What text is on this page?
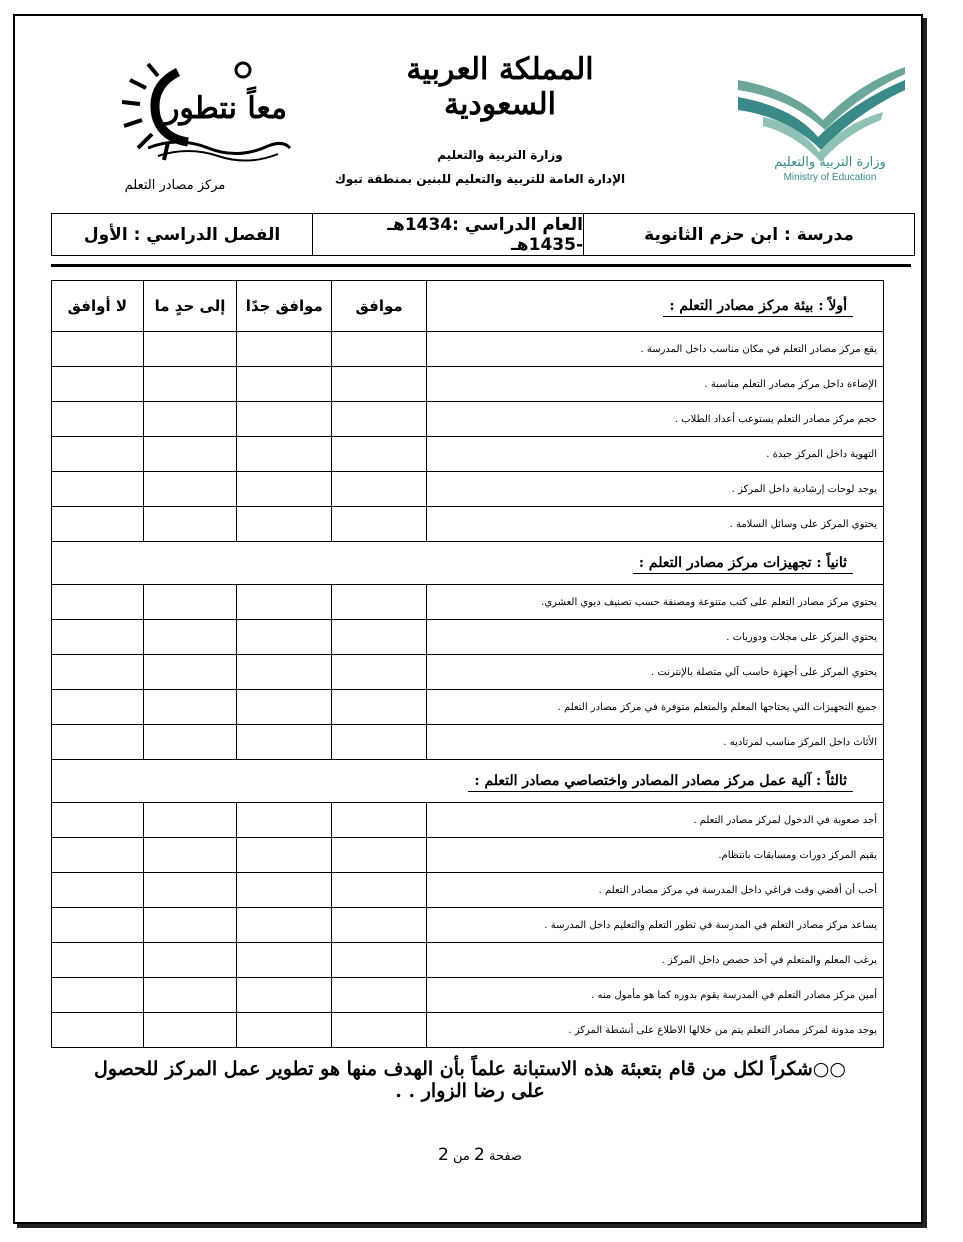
المملكة العربية السعودية
وزارة التربية والتعليم
الإدارة العامة للتربية والتعليم للبنين بمنطقة تبوك
مركز مصادر التعلم
وزارة التربية والتعليم
Ministry of Education
معاً نتطور
مدرسة : ابن حزم الثانوية
العام الدراسي :1434هـ -1435هـ
الفصل الدراسي : الأول
أولاً : بيئة مركز مصادر التعلم :	موافق	موافق جدًا	إلى حدٍ ما	لا أوافق
يقع مركز مصادر التعلم في مكان مناسب داخل المدرسة .				
الإضاءة داخل مركز مصادر التعلم مناسبة .				
حجم مركز مصادر التعلم يستوعب أعداد الطلاب .				
التهوية داخل المركز جيدة .				
يوجد لوحات إرشادية داخل المركز .				
يحتوي المركز على وسائل السلامة .				
ثانياً : تجهيزات مركز مصادر التعلم :				
يحتوي مركز مصادر التعلم على كتب متنوعة ومصنفة حسب تصنيف ديوي العشري.				
يحتوي المركز على مجلات ودوريات .				
يحتوي المركز على أجهزة حاسب آلي متصلة بالإنترنت .				
جميع التجهيزات التي يحتاجها المعلم والمتعلم متوفرة في مركز مصادر التعلم .				
الأثاث داخل المركز مناسب لمرتاديه .				
ثالثاً : آلية عمل مركز مصادر المصادر واختصاصي مصادر التعلم :				
أجد صعوبة في الدخول لمركز مصادر التعلم .				
يقيم المركز دورات ومسابقات بانتظام.				
أحب أن أقضي وقت فراغي داخل المدرسة في مركز مصادر التعلم .				
يساعد مركز مصادر التعلم في المدرسة في تطور التعلم والتعليم داخل المدرسة .				
يرغب المعلم والمتعلم في أخذ حصص داخل المركز .				
أمين مركز مصادر التعلم في المدرسة يقوم بدوره كما هو مأمول منه .				
يوجد مدونة لمركز مصادر التعلم يتم من خلالها الاطلاع على أنشطة المركز .				
○○شكراً لكل من قام بتعبئة هذه الاستبانة علماً بأن الهدف منها هو تطوير عمل المركز للحصول على رضا الزوار . .
صفحة 2 من 2
